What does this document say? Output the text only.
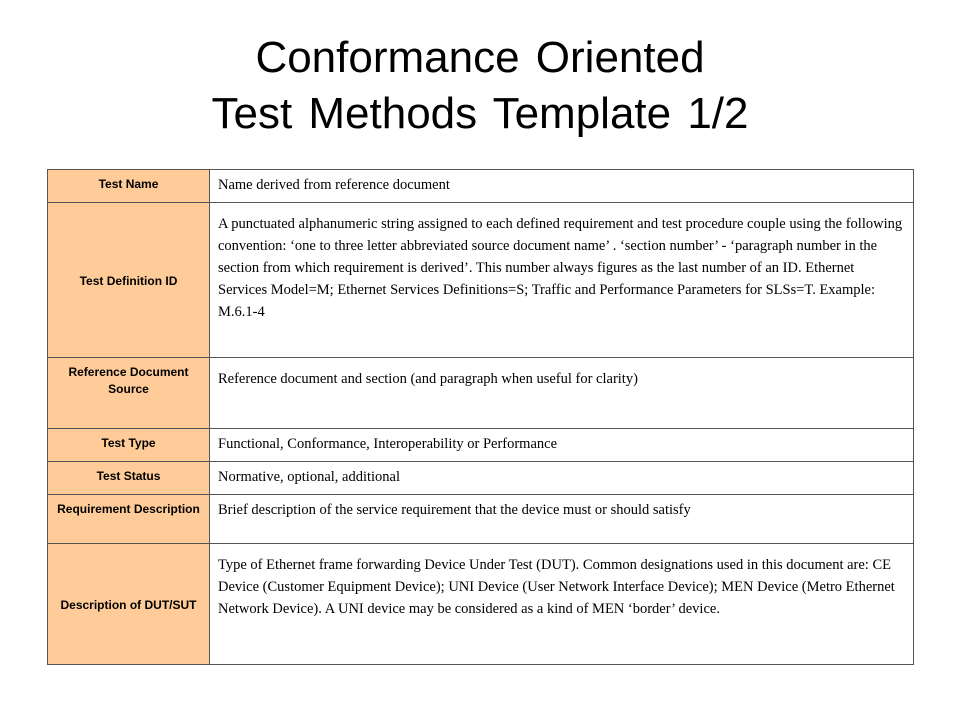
Conformance Oriented
Test Methods Template 1/2
Test Name	Name derived from reference document
Test Definition ID	A punctuated alphanumeric string assigned to each defined requirement and test procedure couple using the following convention: ‘one to three letter abbreviated source document name’ . ‘section number’ - ‘paragraph number in the section from which requirement is derived’. This number always figures as the last number of an ID. Ethernet Services Model=M; Ethernet Services Definitions=S; Traffic and Performance Parameters for SLSs=T. Example: M.6.1-4
Reference Document Source	Reference document and section (and paragraph when useful for clarity)
Test Type	Functional, Conformance, Interoperability or Performance
Test Status	Normative, optional, additional
Requirement Description	Brief description of the service requirement that the device must or should satisfy
Description of DUT/SUT	Type of Ethernet frame forwarding Device Under Test (DUT). Common designations used in this document are: CE Device (Customer Equipment Device); UNI Device (User Network Interface Device); MEN Device (Metro Ethernet Network Device). A UNI device may be considered as a kind of MEN ‘border’ device.
